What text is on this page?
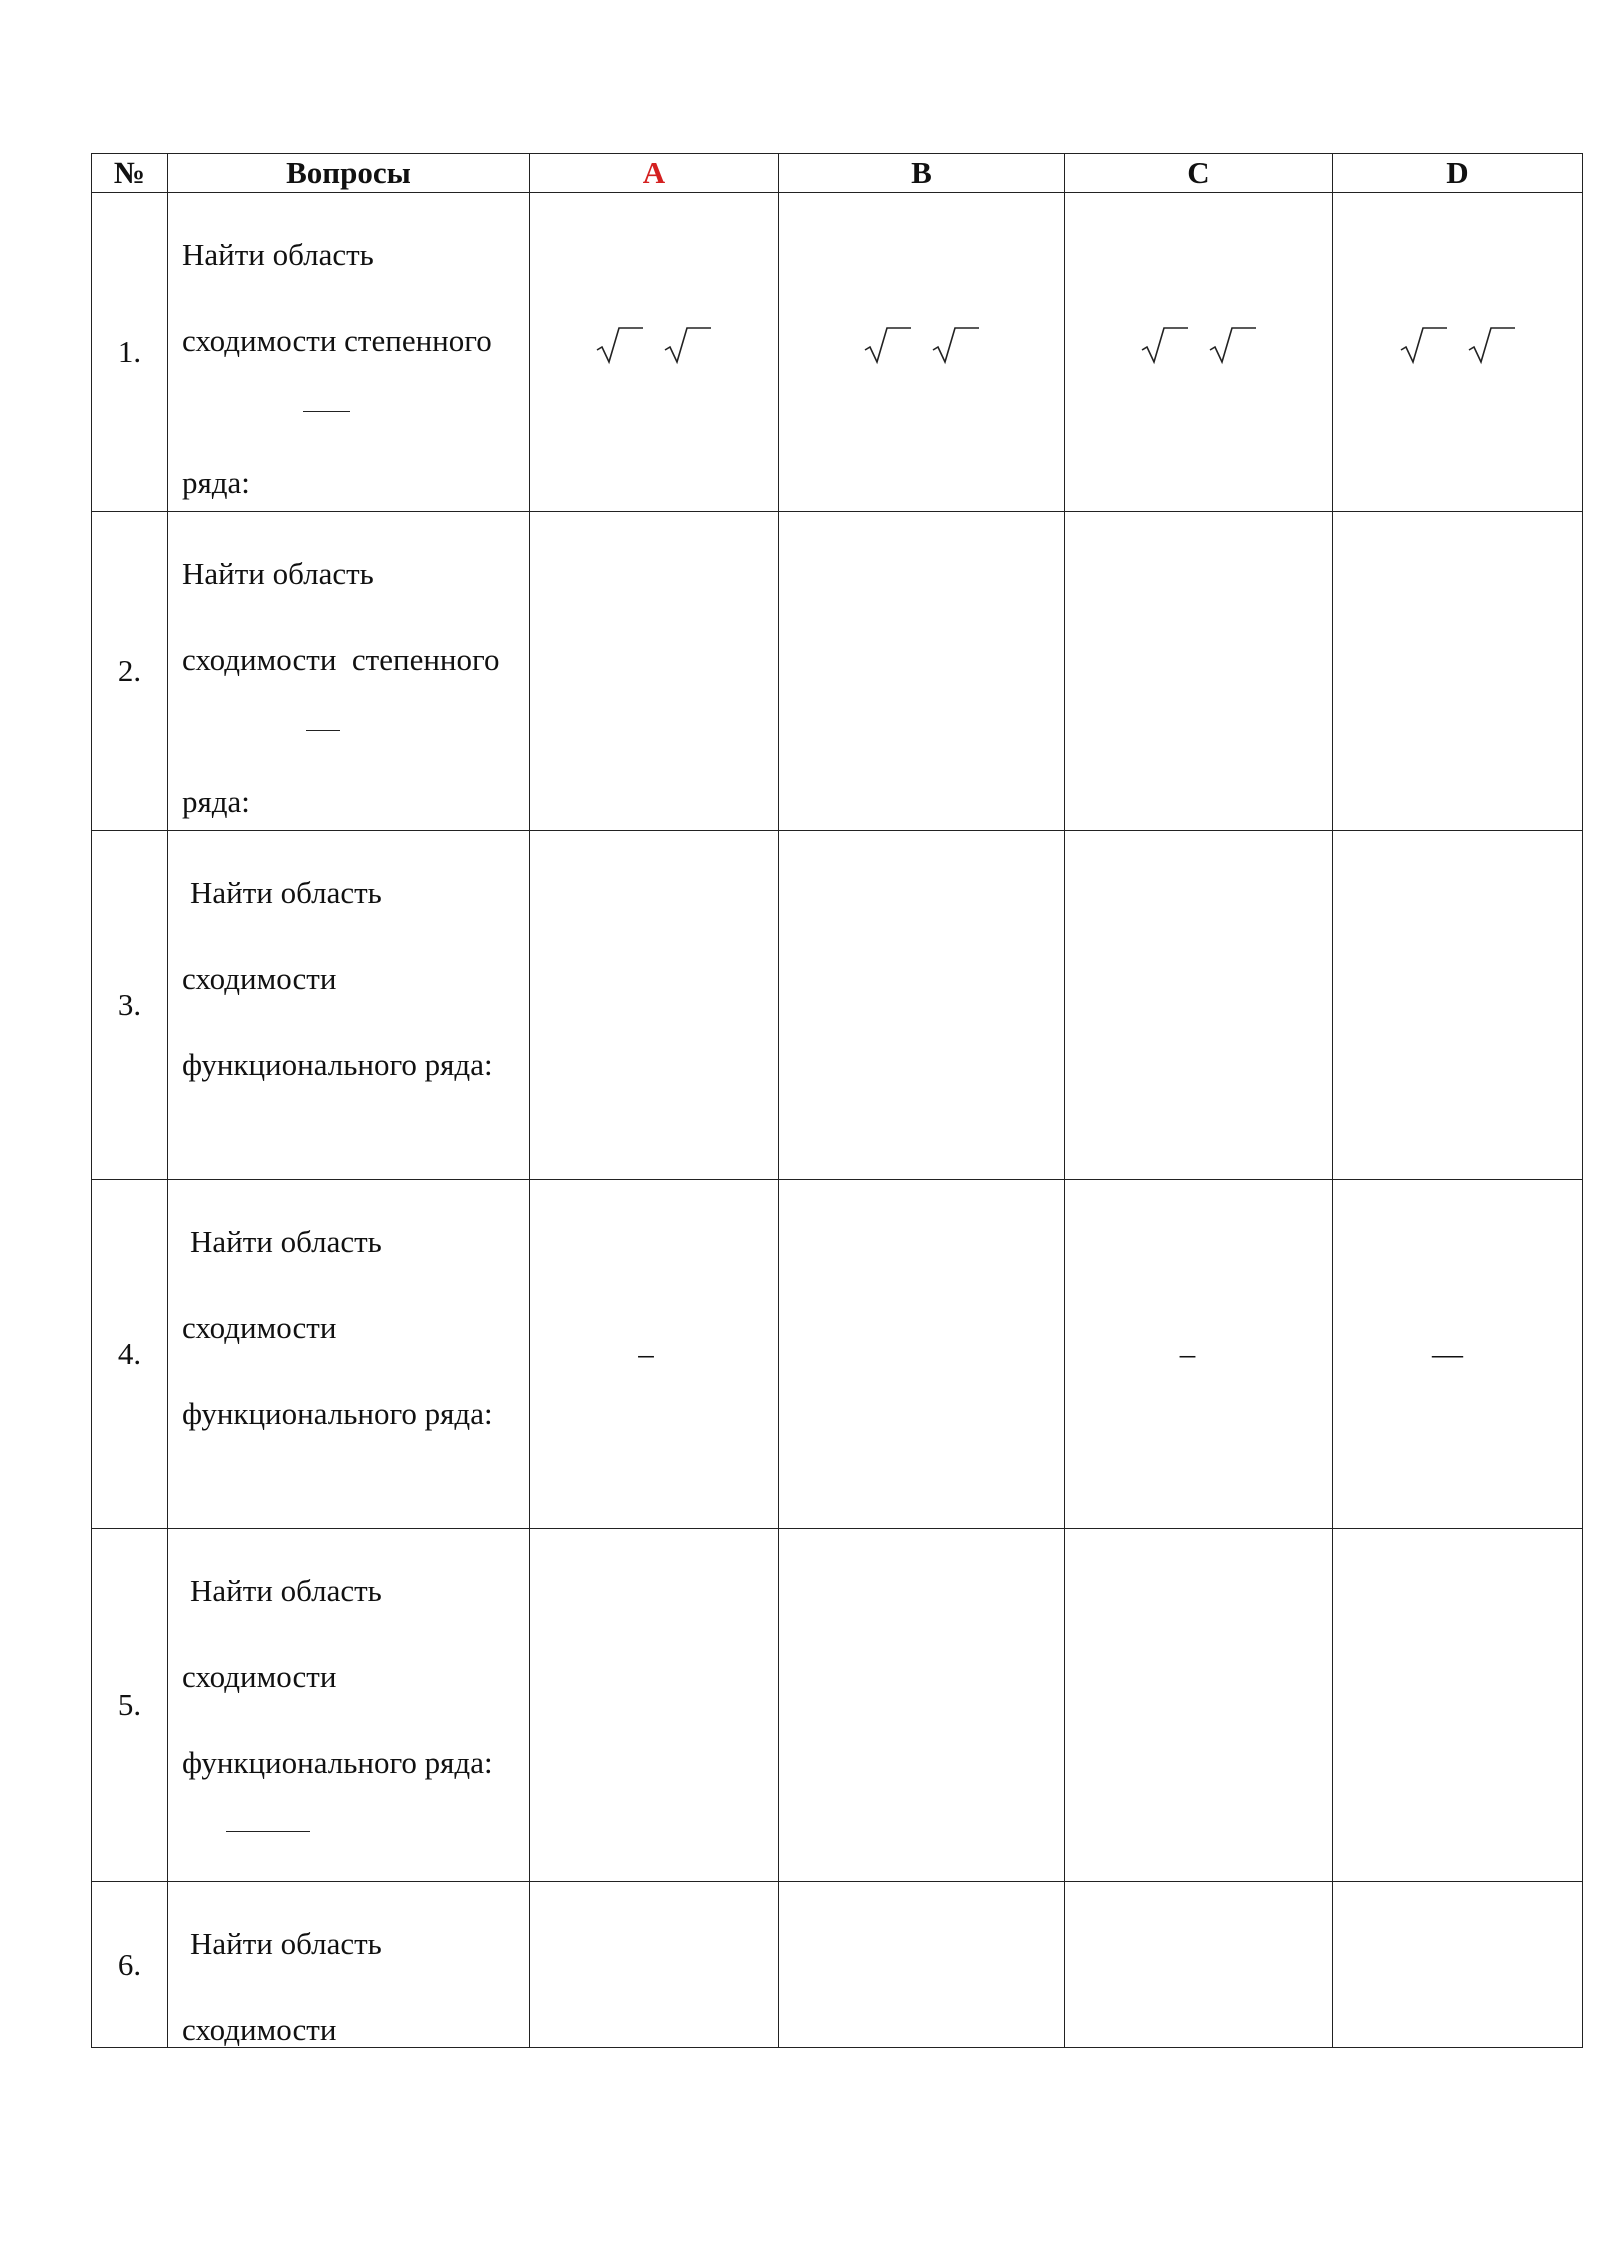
№	Вопросы	A	B	C	D
1.	Найти область
сходимости степенного
ряда:

2.	Найти область
сходимости  степенного
ряда:				

3.	Найти область
сходимости
функционального ряда:				

4.	Найти область
сходимости
функционального ряда:	–		–	—
5.	Найти область
сходимости
функционального ряда:				

6.	Найти область
сходимости				
